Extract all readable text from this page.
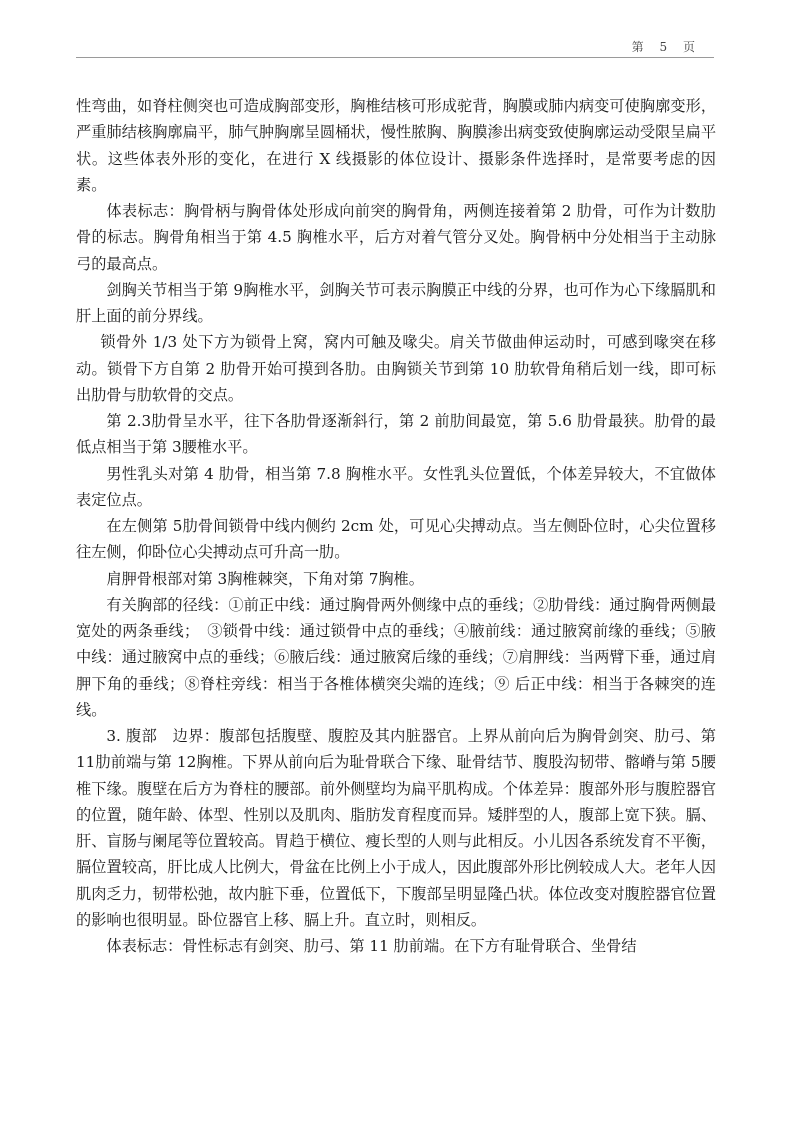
第 5 页

性弯曲，如脊柱侧突也可造成胸部变形，胸椎结核可形成驼背，胸膜或肺内病变可使胸廓变形，严重肺结核胸廓扁平，肺气肿胸廓呈圆桶状，慢性脓胸、胸膜渗出病变致使胸廓运动受限呈扁平状。这些体表外形的变化，在进行 X 线摄影的体位设计、摄影条件选择时，是常要考虑的因素。

体表标志：胸骨柄与胸骨体处形成向前突的胸骨角，两侧连接着第 2 肋骨，可作为计数肋骨的标志。胸骨角相当于第 4.5 胸椎水平，后方对着气管分叉处。胸骨柄中分处相当于主动脉弓的最高点。

剑胸关节相当于第 9胸椎水平，剑胸关节可表示胸膜正中线的分界，也可作为心下缘膈肌和肝上面的前分界线。

锁骨外 1/3 处下方为锁骨上窝，窝内可触及喙尖。肩关节做曲伸运动时，可感到喙突在移动。锁骨下方自第 2 肋骨开始可摸到各肋。由胸锁关节到第 10 肋软骨角稍后划一线，即可标出肋骨与肋软骨的交点。

第 2.3肋骨呈水平，往下各肋骨逐渐斜行，第 2 前肋间最宽，第 5.6 肋骨最狭。肋骨的最低点相当于第 3腰椎水平。

男性乳头对第 4 肋骨，相当第 7.8 胸椎水平。女性乳头位置低，个体差异较大，不宜做体表定位点。

在左侧第 5肋骨间锁骨中线内侧约 2cm 处，可见心尖搏动点。当左侧卧位时，心尖位置移往左侧，仰卧位心尖搏动点可升高一肋。

肩胛骨根部对第 3胸椎棘突，下角对第 7胸椎。

有关胸部的径线：①前正中线：通过胸骨两外侧缘中点的垂线；②肋骨线：通过胸骨两侧最宽处的两条垂线；　③锁骨中线：通过锁骨中点的垂线；④腋前线：通过腋窝前缘的垂线；⑤腋中线：通过腋窝中点的垂线；⑥腋后线：通过腋窝后缘的垂线；⑦肩胛线：当两臂下垂，通过肩胛下角的垂线；⑧脊柱旁线：相当于各椎体横突尖端的连线；⑨ 后正中线：相当于各棘突的连线。

3. 腹部　边界：腹部包括腹壁、腹腔及其内脏器官。上界从前向后为胸骨剑突、肋弓、第 11肋前端与第 12胸椎。下界从前向后为耻骨联合下缘、耻骨结节、腹股沟韧带、髂嵴与第 5腰椎下缘。腹壁在后方为脊柱的腰部。前外侧壁均为扁平肌构成。个体差异：腹部外形与腹腔器官的位置，随年龄、体型、性别以及肌肉、脂肪发育程度而异。矮胖型的人，腹部上宽下狭。膈、肝、盲肠与阑尾等位置较高。胃趋于横位、瘦长型的人则与此相反。小儿因各系统发育不平衡，膈位置较高，肝比成人比例大，骨盆在比例上小于成人，因此腹部外形比例较成人大。老年人因肌肉乏力，韧带松弛，故内脏下垂，位置低下，下腹部呈明显隆凸状。体位改变对腹腔器官位置的影响也很明显。卧位器官上移、膈上升。直立时，则相反。

体表标志：骨性标志有剑突、肋弓、第 11 肋前端。在下方有耻骨联合、坐骨结
